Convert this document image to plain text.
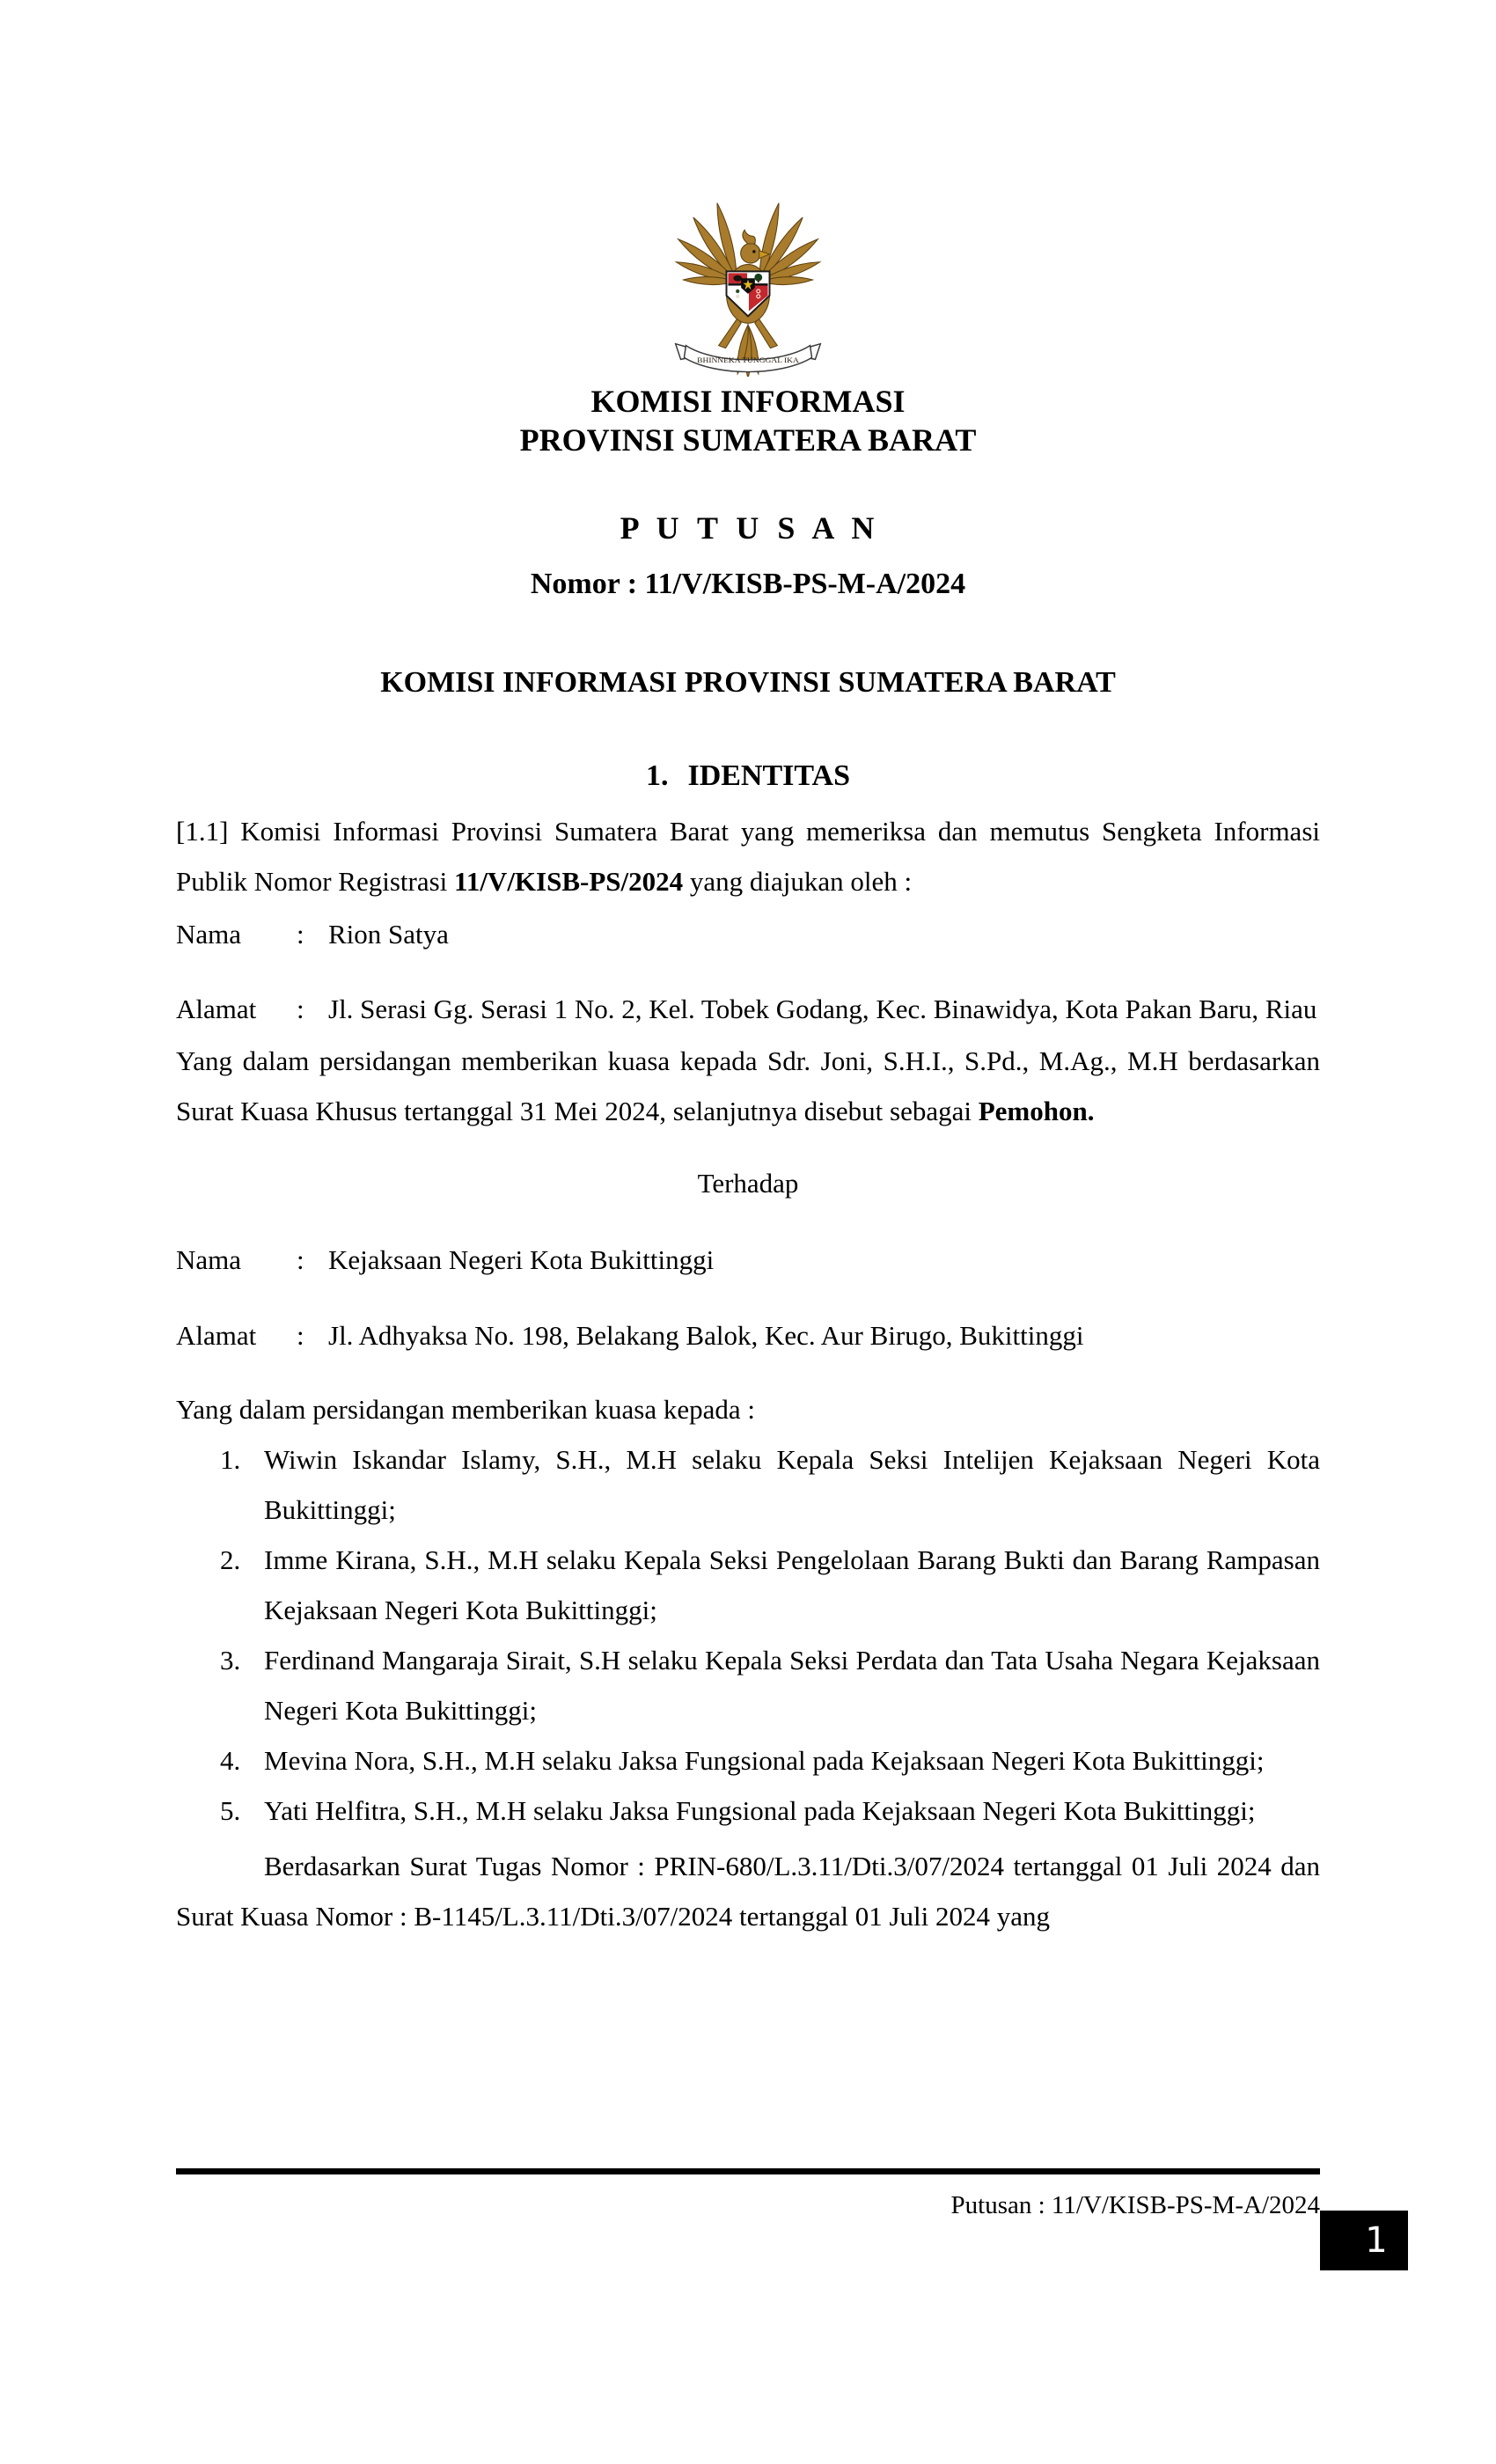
BHINNEKA TUNGGAL IKA
KOMISI INFORMASI
PROVINSI SUMATERA BARAT
P U T U S A N
Nomor : 11/V/KISB-PS-M-A/2024
KOMISI INFORMASI PROVINSI SUMATERA BARAT
1. IDENTITAS
[1.1] Komisi Informasi Provinsi Sumatera Barat yang memeriksa dan memutus Sengketa Informasi Publik Nomor Registrasi 11/V/KISB-PS/2024 yang diajukan oleh :
Nama	: Rion Satya
Alamat	: Jl. Serasi Gg. Serasi 1 No. 2, Kel. Tobek Godang, Kec. Binawidya, Kota Pakan Baru, Riau
Yang dalam persidangan memberikan kuasa kepada Sdr. Joni, S.H.I., S.Pd., M.Ag., M.H berdasarkan Surat Kuasa Khusus tertanggal 31 Mei 2024, selanjutnya disebut sebagai Pemohon.
Terhadap
Nama	: Kejaksaan Negeri Kota Bukittinggi
Alamat	: Jl. Adhyaksa No. 198, Belakang Balok, Kec. Aur Birugo, Bukittinggi
Yang dalam persidangan memberikan kuasa kepada :
1. Wiwin Iskandar Islamy, S.H., M.H selaku Kepala Seksi Intelijen Kejaksaan Negeri Kota Bukittinggi;
2. Imme Kirana, S.H., M.H selaku Kepala Seksi Pengelolaan Barang Bukti dan Barang Rampasan Kejaksaan Negeri Kota Bukittinggi;
3. Ferdinand Mangaraja Sirait, S.H selaku Kepala Seksi Perdata dan Tata Usaha Negara Kejaksaan Negeri Kota Bukittinggi;
4. Mevina Nora, S.H., M.H selaku Jaksa Fungsional pada Kejaksaan Negeri Kota Bukittinggi;
5. Yati Helfitra, S.H., M.H selaku Jaksa Fungsional pada Kejaksaan Negeri Kota Bukittinggi;
Berdasarkan Surat Tugas Nomor : PRIN-680/L.3.11/Dti.3/07/2024 tertanggal 01 Juli 2024 dan Surat Kuasa Nomor : B-1145/L.3.11/Dti.3/07/2024 tertanggal 01 Juli 2024 yang
Putusan : 11/V/KISB-PS-M-A/2024
1
